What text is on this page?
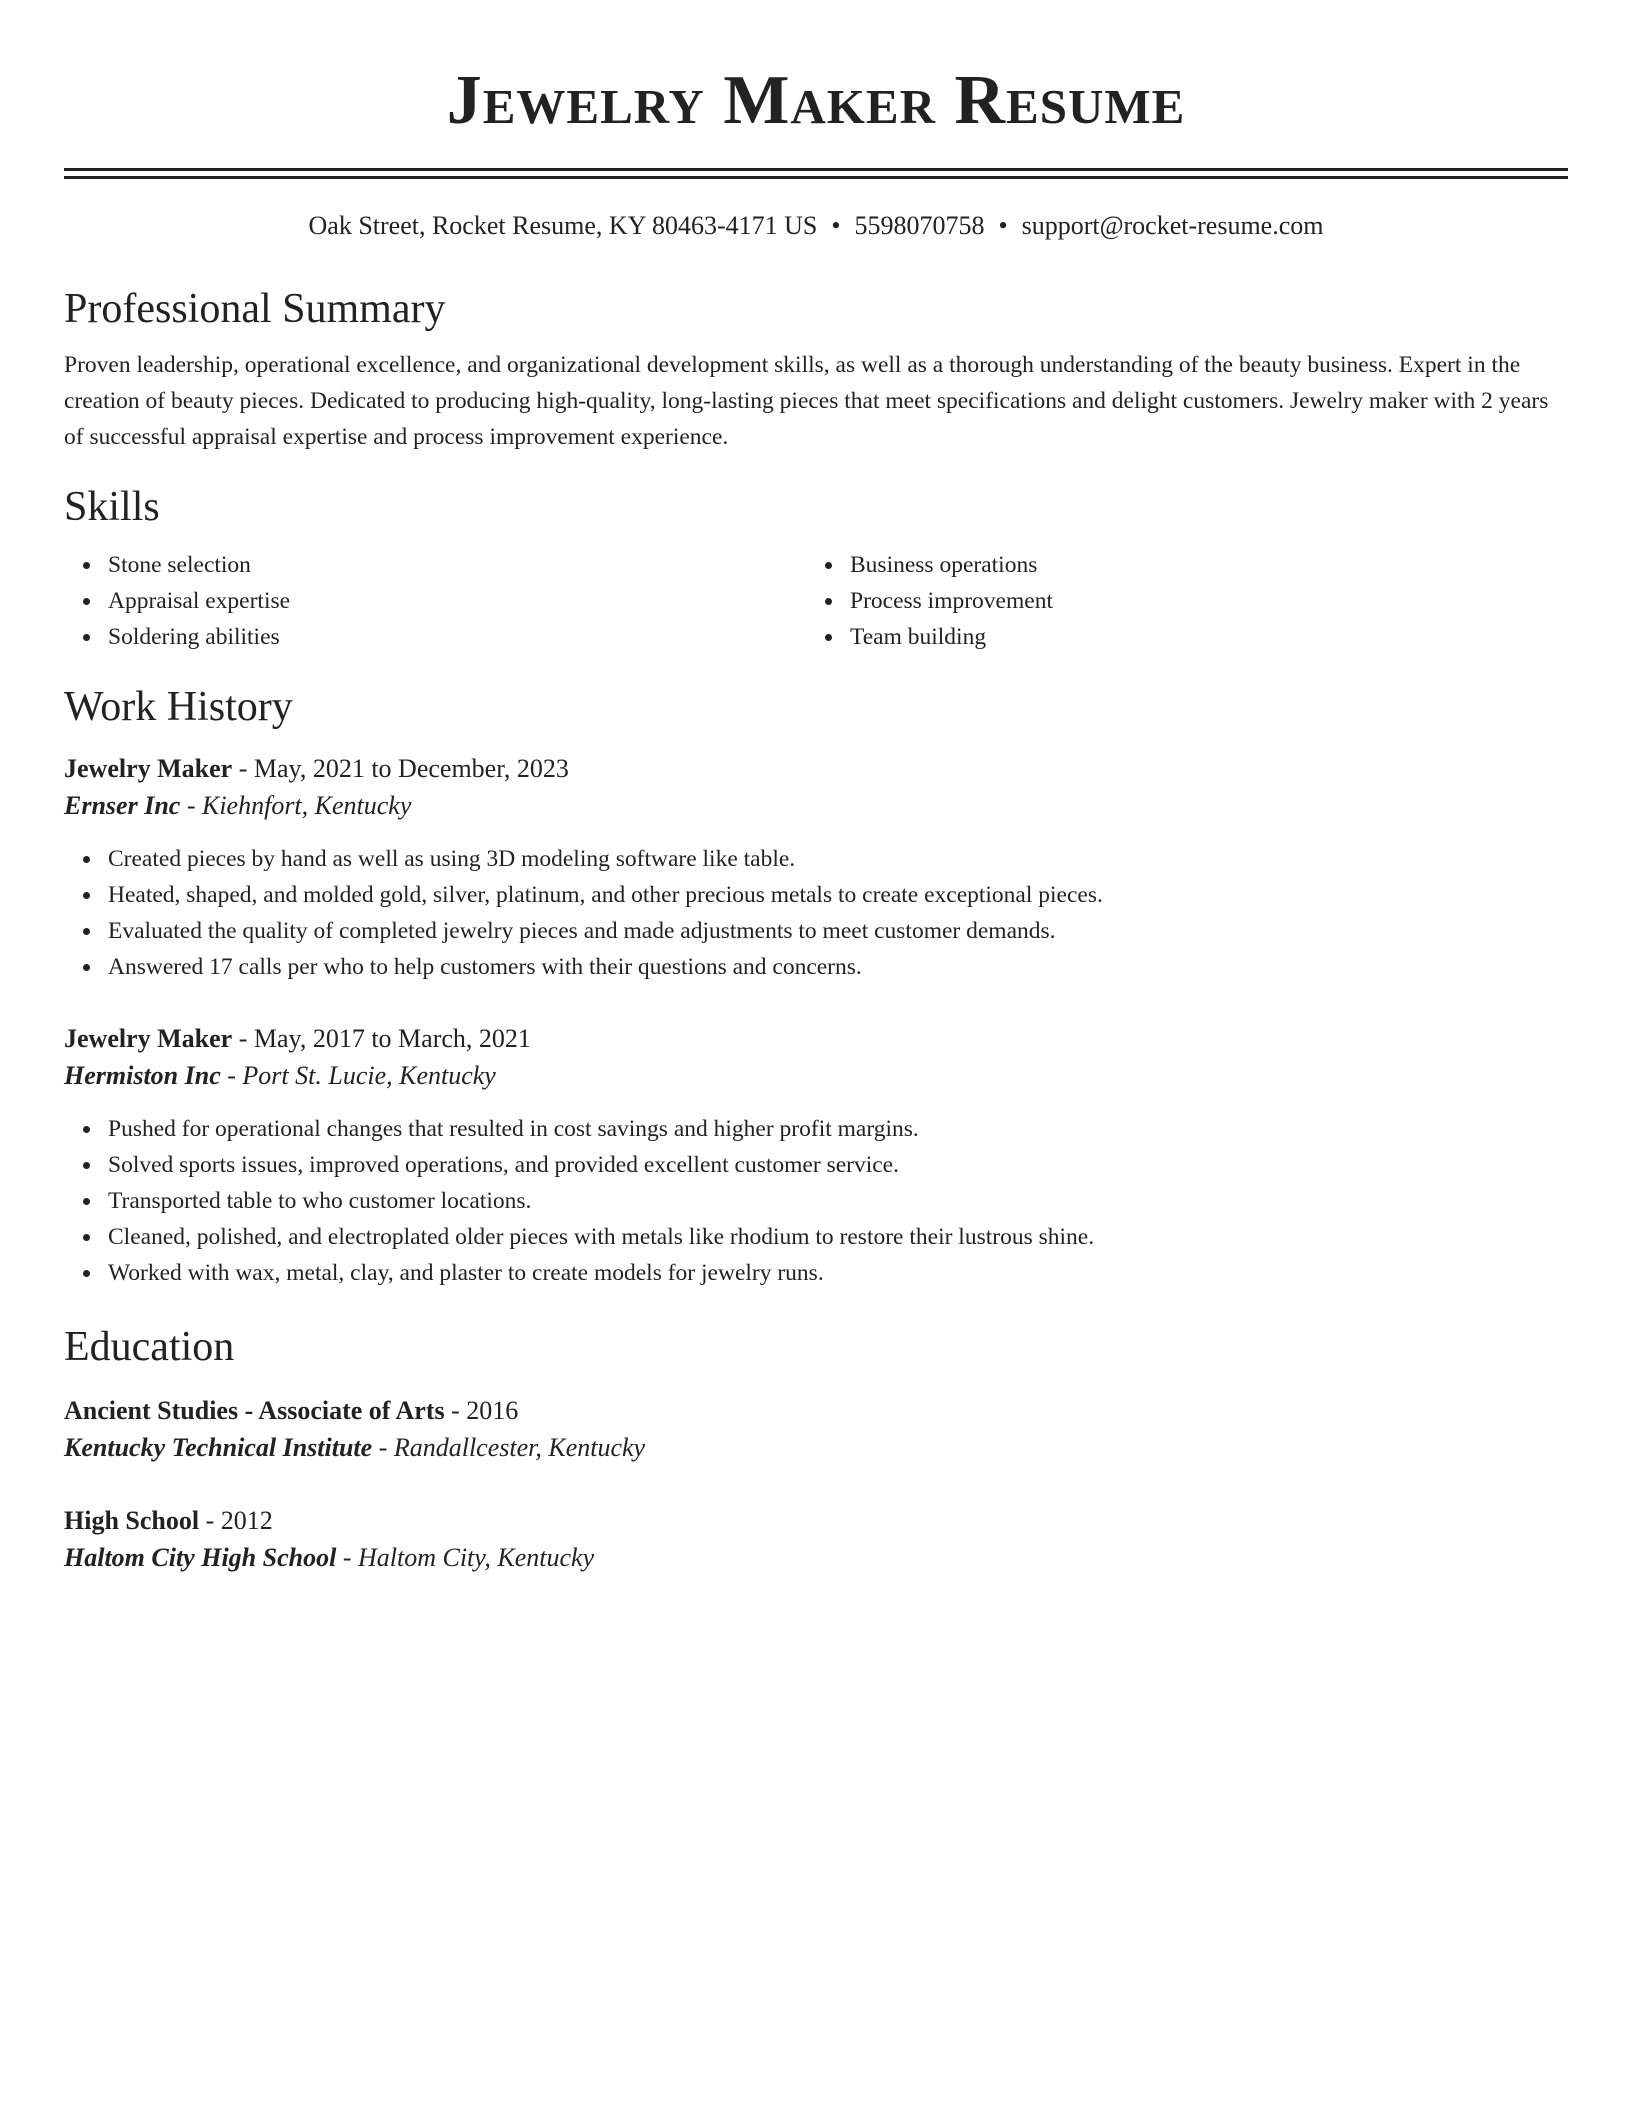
Jewelry Maker Resume
Oak Street, Rocket Resume, KY 80463-4171 US • 5598070758 • support@rocket-resume.com
Professional Summary
Proven leadership, operational excellence, and organizational development skills, as well as a thorough understanding of the beauty business. Expert in the creation of beauty pieces. Dedicated to producing high-quality, long-lasting pieces that meet specifications and delight customers. Jewelry maker with 2 years of successful appraisal expertise and process improvement experience.
Skills
Stone selection
Appraisal expertise
Soldering abilities
Business operations
Process improvement
Team building
Work History
Jewelry Maker - May, 2021 to December, 2023
Ernser Inc - Kiehnfort, Kentucky
Created pieces by hand as well as using 3D modeling software like table.
Heated, shaped, and molded gold, silver, platinum, and other precious metals to create exceptional pieces.
Evaluated the quality of completed jewelry pieces and made adjustments to meet customer demands.
Answered 17 calls per who to help customers with their questions and concerns.
Jewelry Maker - May, 2017 to March, 2021
Hermiston Inc - Port St. Lucie, Kentucky
Pushed for operational changes that resulted in cost savings and higher profit margins.
Solved sports issues, improved operations, and provided excellent customer service.
Transported table to who customer locations.
Cleaned, polished, and electroplated older pieces with metals like rhodium to restore their lustrous shine.
Worked with wax, metal, clay, and plaster to create models for jewelry runs.
Education
Ancient Studies - Associate of Arts - 2016
Kentucky Technical Institute - Randallcester, Kentucky
High School - 2012
Haltom City High School - Haltom City, Kentucky
